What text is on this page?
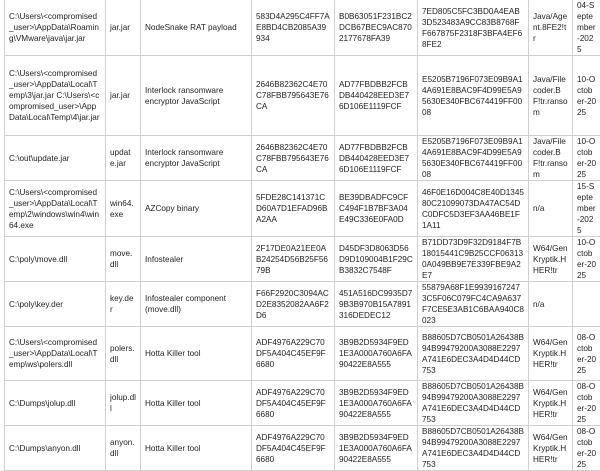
C:\Users\<compromised_user>\AppData\Roaming\VMware\java\jar.jar	jar.jar	NodeSnake RAT payload	583D4A295C4FF7AE8BD4CB2085A39934	B0B63051F231BC2DCB67BEC9AC8702177678FA39	7ED805C5FC3BD0A4EAB3D523483A9CC83B8768FF667875F2318F3BFA4EF68FE2	Java/Agent.8FE2!tr	04-September-2025
C:\Users\<compromised_user>\AppData\Local\Temp\3\jar.jar C:\Users\<compromised_user>\AppData\Local\Temp\4\jar.jar	jar.jar	Interlock ransomware encryptor JavaScript	2646B82362C4E70C78FBB795643E76CA	AD77FBDBB2FCBDB440428EED3E76D106E1119FCF	E5205B7196F073E09B9A14A691E8BAC9F4D99E5A95630E340FBC674419FF0008	Java/Filecoder.BF!tr.ransom	10-October-2025
C:\out\update.jar	update.jar	Interlock ransomware encryptor JavaScript	2646B82362C4E70C78FBB795643E76CA	AD77FBDBB2FCBDB440428EED3E76D106E1119FCF	E5205B7196F073E09B9A14A691E8BAC9F4D99E5A95630E340FBC674419FF0008	Java/Filecoder.BF!tr.ransom	10-October-2025
C:\Users\<compromised_user>\AppData\Local\Temp\2\windows\win4\win64.exe	win64.exe	AZCopy binary	5FDE28C141371CD60A7D1EFAD96BA2AA	BE39DBADFC9CFC494F1B7BF3A04E49C336E0FA0D	46F0E16D004C8E40D134580C21099073DA47AC54DC0DFC5D3EF3AA46BE1F1A11	n/a	15-September-2025
C:\poly\move.dll	move.dll	Infostealer	2F17DE0A21EE0AB24254D56B25F5679B	D45DF3D8063D56D9D109004B1F29CB3832C7548F	B71DD73D9F32D9184F7B18015441C9B25CCF063130A049BB9E7E339FBE9A2E7	W64/GenKryptik.HHER!tr	10-October-2025
C:\poly\key.der	key.der	Infostealer component (move.dll)	F66F2920C3094ACD2E8352082AA6F2D6	451A516DC9935D79B3B970B15A7891316DEDEC12	55879A68F1E99391672473C5F06C079FC4CA9A637F7CE5E3AB1C6BAA940C8023	n/a	
C:\Users\<compromised_user>\AppData\Local\Temp\ws\polers.dll	polers.dll	Hotta Killer tool	ADF4976A229C70DF5A404C45EF9F6680	3B9B2D5934F9ED1E3A000A760A6FA90422E8A555	B88605D7CB0501A26438B94B99479200A3088E2297A741E6DEC3A4D4D44CD753	W64/GenKryptik.HHER!tr	08-October-2025
C:\Dumps\jolup.dll	jolup.dll	Hotta Killer tool	ADF4976A229C70DF5A404C45EF9F6680	3B9B2D5934F9ED1E3A000A760A6FA90422E8A555	B88605D7CB0501A26438B94B99479200A3088E2297A741E6DEC3A4D4D44CD753	W64/GenKryptik.HHER!tr	08-October-2025
C:\Dumps\anyon.dll	anyon.dll	Hotta Killer tool	ADF4976A229C70DF5A404C45EF9F6680	3B9B2D5934F9ED1E3A000A760A6FA90422E8A555	B88605D7CB0501A26438B94B99479200A3088E2297A741E6DEC3A4D4D44CD753	W64/GenKryptik.HHER!tr	08-October-2025
